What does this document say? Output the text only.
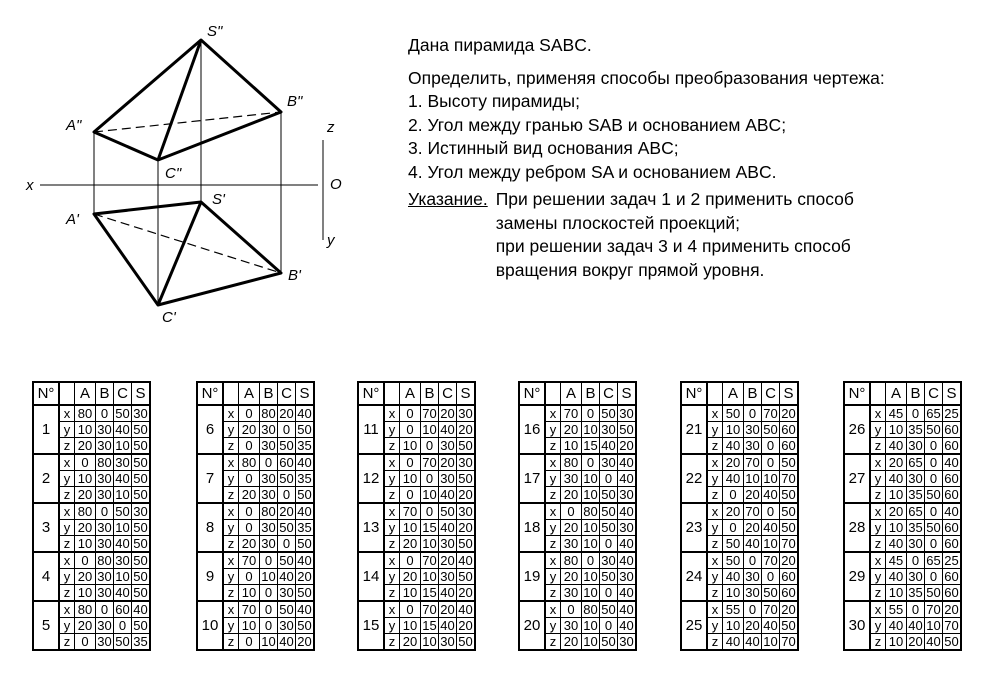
S"
A"
B"
C"
S'
A'
B'
C'
x
z
O
y

Дана пирамида SABC.

Определить, применяя способы преобразования чертежа:

1. Высоту пирамиды;

2. Угол между гранью SAB и основанием ABC;

3. Истинный вид основания ABC;

4. Угол между ребром SA и основанием ABC.

Указание. При решении задач 1 и 2 применить способ
замены плоскостей проекций;
при решении задач 3 и 4 применить способ
вращения вокруг прямой уровня.
N°		A	B	C	S
1	x	80	0	50	30
	y	10	30	40	50
	z	20	30	10	50
2	x	0	80	30	50
	y	10	30	40	50
	z	20	30	10	50
3	x	80	0	50	30
	y	20	30	10	50
	z	10	30	40	50
4	x	0	80	30	50
	y	20	30	10	50
	z	10	30	40	50
5	x	80	0	60	40
	y	20	30	0	50
	z	0	30	50	35
N°		A	B	C	S
6	x	0	80	20	40
	y	20	30	0	50
	z	0	30	50	35
7	x	80	0	60	40
	y	0	30	50	35
	z	20	30	0	50
8	x	0	80	20	40
	y	0	30	50	35
	z	20	30	0	50
9	x	70	0	50	40
	y	0	10	40	20
	z	10	0	30	50
10	x	70	0	50	40
	y	10	0	30	50
	z	0	10	40	20
N°		A	B	C	S
11	x	0	70	20	30
	y	0	10	40	20
	z	10	0	30	50
12	x	0	70	20	30
	y	10	0	30	50
	z	0	10	40	20
13	x	70	0	50	30
	y	10	15	40	20
	z	20	10	30	50
14	x	0	70	20	40
	y	20	10	30	50
	z	10	15	40	20
15	x	0	70	20	40
	y	10	15	40	20
	z	20	10	30	50
N°		A	B	C	S
16	x	70	0	50	30
	y	20	10	30	50
	z	10	15	40	20
17	x	80	0	30	40
	y	30	10	0	40
	z	20	10	50	30
18	x	0	80	50	40
	y	20	10	50	30
	z	30	10	0	40
19	x	80	0	30	40
	y	20	10	50	30
	z	30	10	0	40
20	x	0	80	50	40
	y	30	10	0	40
	z	20	10	50	30
N°		A	B	C	S
21	x	50	0	70	20
	y	10	30	50	60
	z	40	30	0	60
22	x	20	70	0	50
	y	40	10	10	70
	z	0	20	40	50
23	x	20	70	0	50
	y	0	20	40	50
	z	50	40	10	70
24	x	50	0	70	20
	y	40	30	0	60
	z	10	30	50	60
25	x	55	0	70	20
	y	10	20	40	50
	z	40	40	10	70
N°		A	B	C	S
26	x	45	0	65	25
	y	10	35	50	60
	z	40	30	0	60
27	x	20	65	0	40
	y	40	30	0	60
	z	10	35	50	60
28	x	20	65	0	40
	y	10	35	50	60
	z	40	30	0	60
29	x	45	0	65	25
	y	40	30	0	60
	z	10	35	50	60
30	x	55	0	70	20
	y	40	40	10	70
	z	10	20	40	50
